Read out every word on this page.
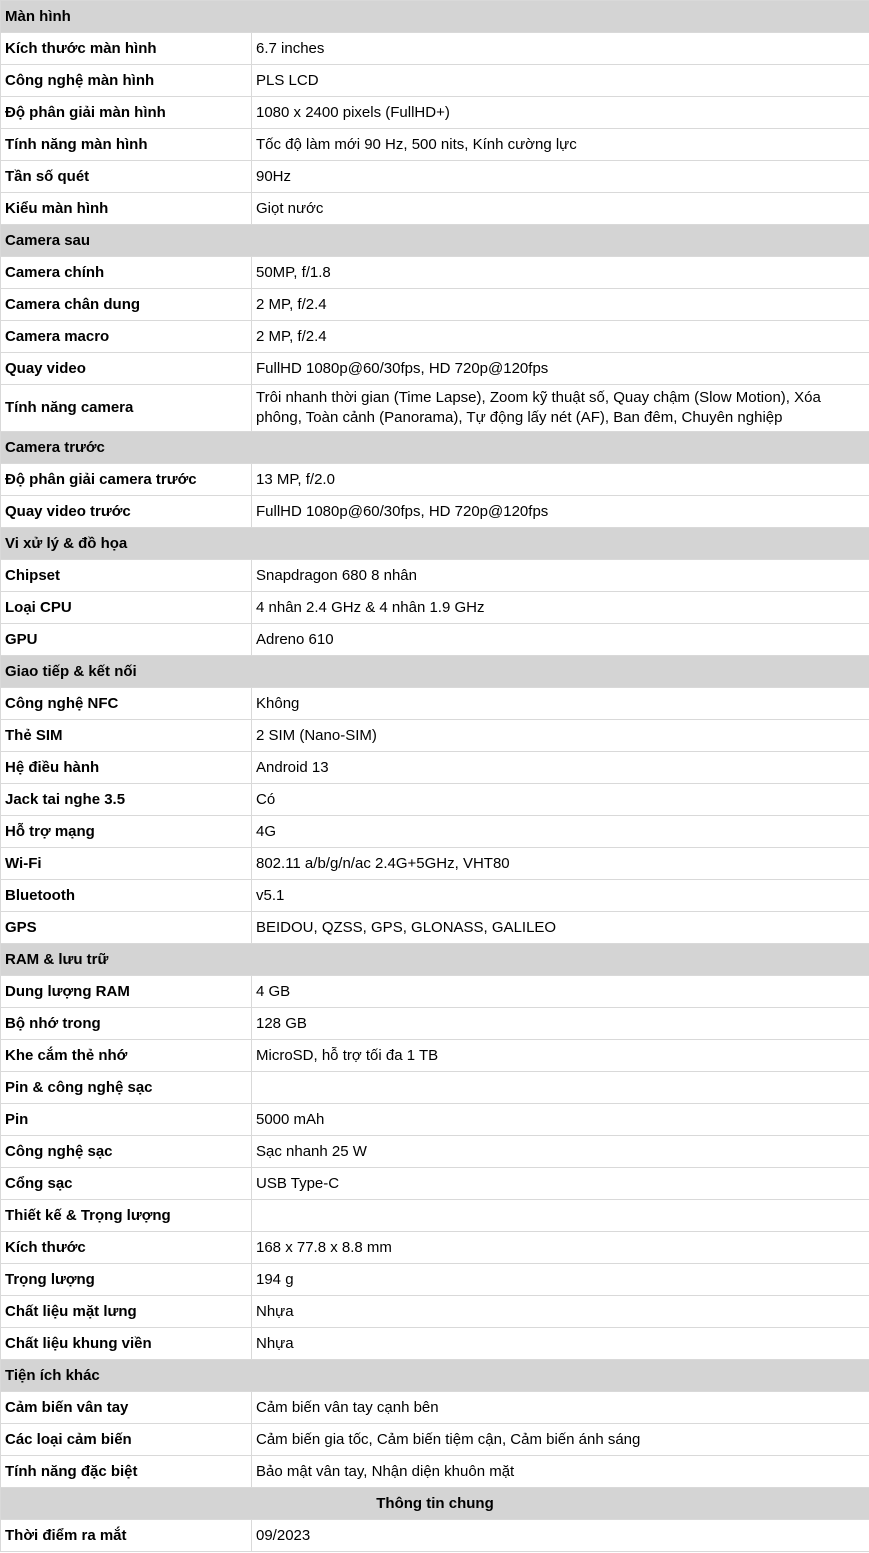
Màn hình	
Kích thước màn hình	6.7 inches
Công nghệ màn hình	PLS LCD
Độ phân giải màn hình	1080 x 2400 pixels (FullHD+)
Tính năng màn hình	Tốc độ làm mới 90 Hz, 500 nits, Kính cường lực
Tần số quét	90Hz
Kiểu màn hình	Giọt nước
Camera sau	
Camera chính	50MP, f/1.8
Camera chân dung	2 MP, f/2.4
Camera macro	2 MP, f/2.4
Quay video	FullHD 1080p@60/30fps, HD 720p@120fps
Tính năng camera	Trôi nhanh thời gian (Time Lapse), Zoom kỹ thuật số, Quay chậm (Slow Motion), Xóa phông, Toàn cảnh (Panorama), Tự động lấy nét (AF), Ban đêm, Chuyên nghiệp
Camera trước	
Độ phân giải camera trước	13 MP, f/2.0
Quay video trước	FullHD 1080p@60/30fps, HD 720p@120fps
Vi xử lý & đồ họa	
Chipset	Snapdragon 680 8 nhân
Loại CPU	4 nhân 2.4 GHz & 4 nhân 1.9 GHz
GPU	Adreno 610
Giao tiếp & kết nối	
Công nghệ NFC	Không
Thẻ SIM	2 SIM (Nano-SIM)
Hệ điều hành	Android 13
Jack tai nghe 3.5	Có
Hỗ trợ mạng	4G
Wi-Fi	802.11 a/b/g/n/ac 2.4G+5GHz, VHT80
Bluetooth	v5.1
GPS	BEIDOU, QZSS, GPS, GLONASS, GALILEO
RAM & lưu trữ	
Dung lượng RAM	4 GB
Bộ nhớ trong	128 GB
Khe cắm thẻ nhớ	MicroSD, hỗ trợ tối đa 1 TB
Pin & công nghệ sạc	
Pin	5000 mAh
Công nghệ sạc	Sạc nhanh 25 W
Cổng sạc	USB Type-C
Thiết kế & Trọng lượng	
Kích thước	168 x 77.8 x 8.8 mm
Trọng lượng	194 g
Chất liệu mặt lưng	Nhựa
Chất liệu khung viền	Nhựa
Tiện ích khác	
Cảm biến vân tay	Cảm biến vân tay cạnh bên
Các loại cảm biến	Cảm biến gia tốc, Cảm biến tiệm cận, Cảm biến ánh sáng
Tính năng đặc biệt	Bảo mật vân tay, Nhận diện khuôn mặt
Thông tin chung	
Thời điểm ra mắt	09/2023
